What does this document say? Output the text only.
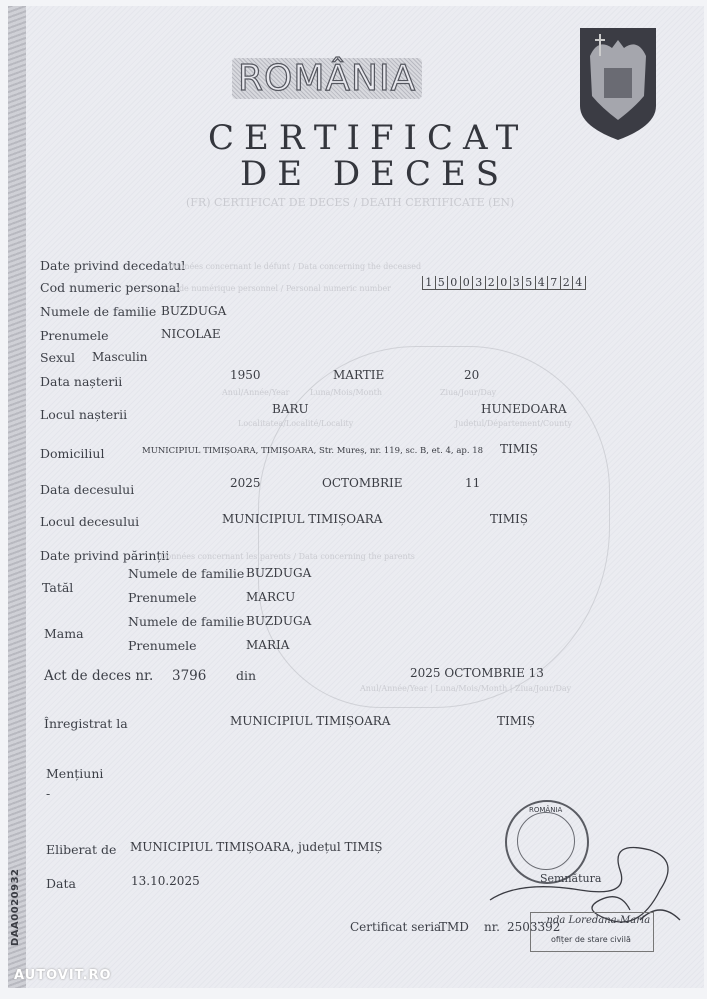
DAA0020932
ROMÂNIA
CERTIFICAT
DE DECES
(FR) CERTIFICAT DE DECES / DEATH CERTIFICATE (EN)
Date privind decedatul
Données concernant le défunt / Data concerning the deceased
Cod numeric personal
Code numérique personnel / Personal numeric number	1 5 0 0 3 2 0 3 5 4 7 2 4
Numele de familie BUZDUGA
Prenumele	NICOLAE
Sexul Masculin
Data nașterii	1950	MARTIE	20
Anul/Année/Year	Luna/Mois/Month	Ziua/Jour/Day
Locul nașterii	BARU	HUNEDOARA
Localitatea/Localité/Locality	Județul/Département/County
Domiciliul	MUNICIPIUL TIMIȘOARA, TIMIȘOARA, Str. Mureș, nr. 119, sc. B, et. 4, ap. 18 TIMIȘ
Data decesului	2025	OCTOMBRIE	11
Locul decesului	MUNICIPIUL TIMIȘOARA	TIMIȘ
Date privind părinții
Données concernant les parents / Data concerning the parents
Tatăl
Numele de familie BUZDUGA
Prenumele	MARCU
Mama
Numele de familie BUZDUGA
Prenumele	MARIA
Act de deces nr. 3796 din	2025 OCTOMBRIE 13
Anul/Année/Year | Luna/Mois/Month | Ziua/Jour/Day
Înregistrat la	MUNICIPIUL TIMIȘOARA	TIMIȘ
Mențiuni
-
Eliberat de MUNICIPIUL TIMIȘOARA, județul TIMIȘ
Data	13.10.2025
ROMÂNIA
Semnătura
...nda Loredana-Maria
ofițer de stare civilă
Certificat seria
TMD nr. 2503392
AUTOVIT.RO
